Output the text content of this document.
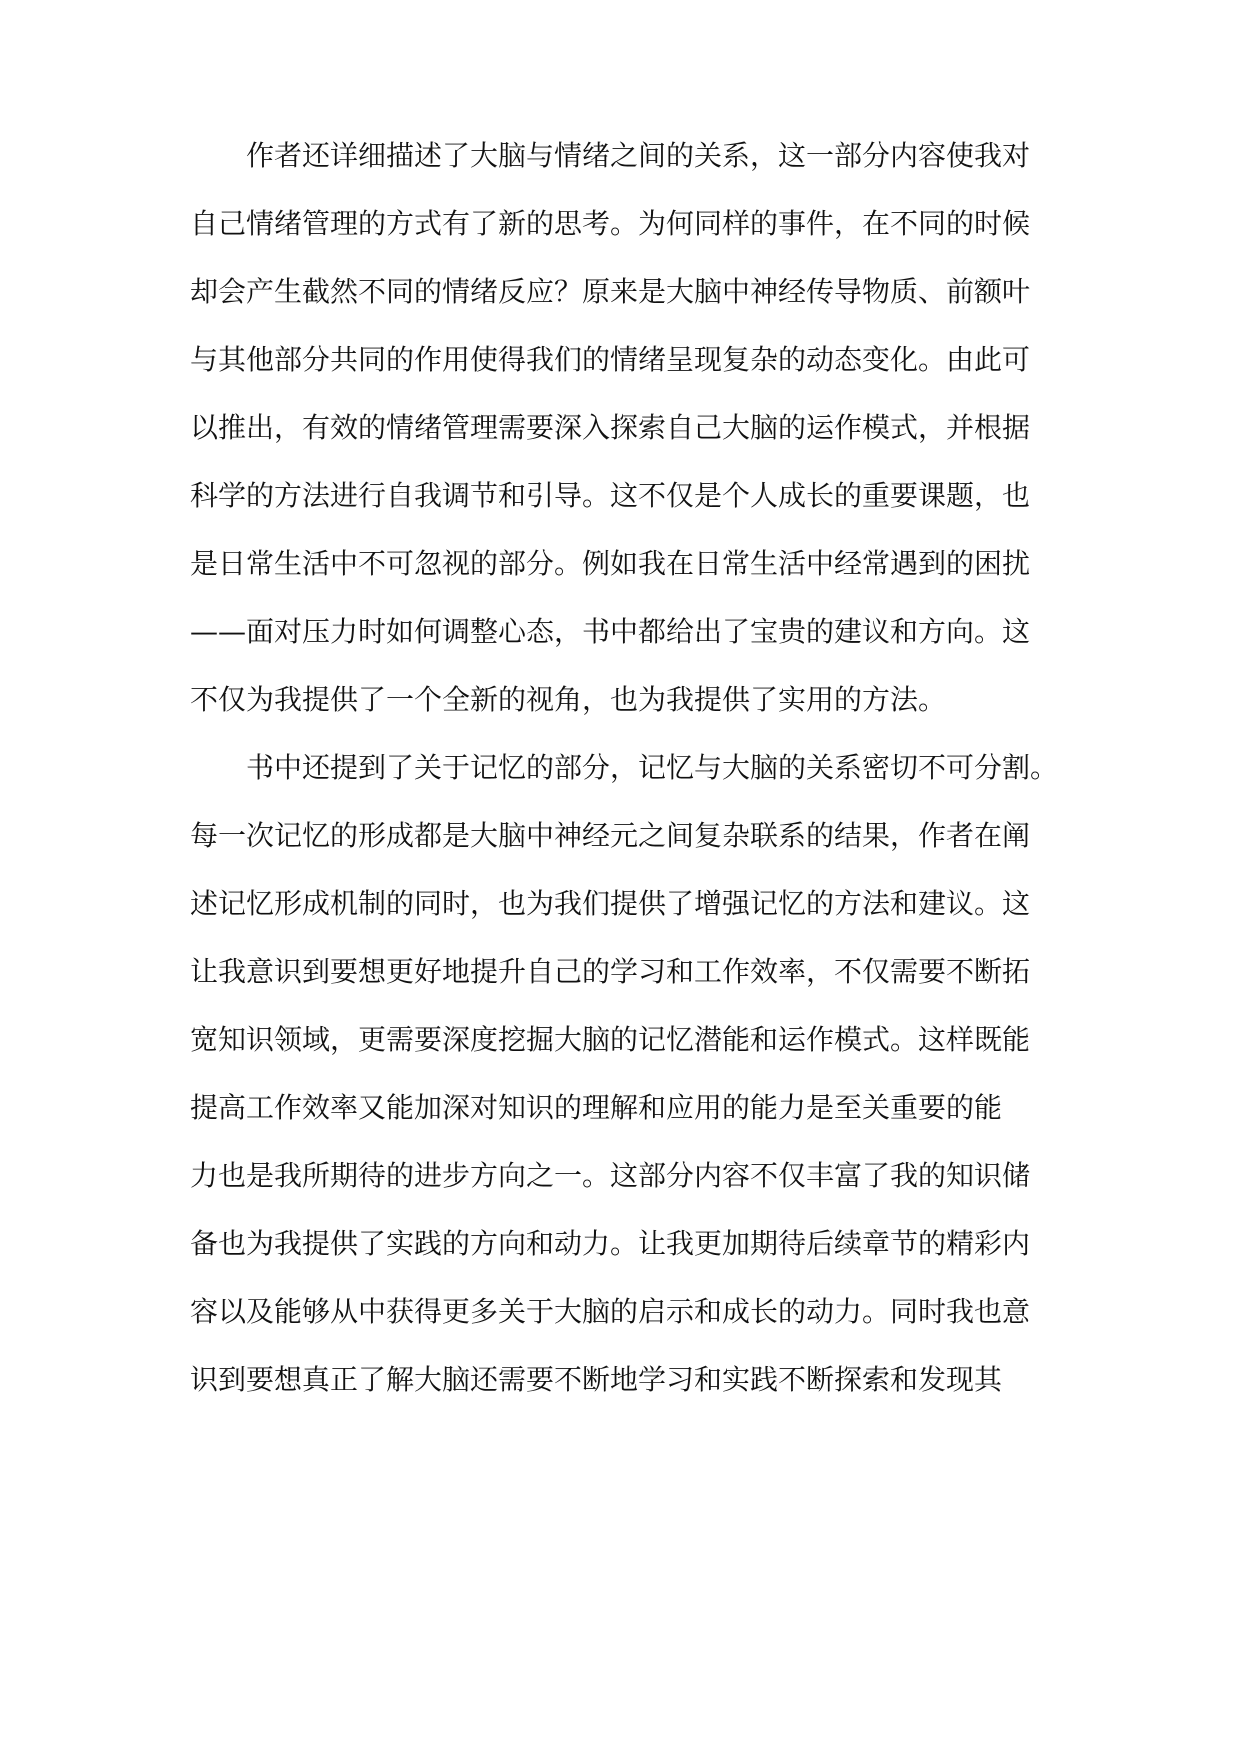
作者还详细描述了大脑与情绪之间的关系，这一部分内容使我对
自己情绪管理的方式有了新的思考。为何同样的事件，在不同的时候
却会产生截然不同的情绪反应？原来是大脑中神经传导物质、前额叶
与其他部分共同的作用使得我们的情绪呈现复杂的动态变化。由此可
以推出，有效的情绪管理需要深入探索自己大脑的运作模式，并根据
科学的方法进行自我调节和引导。这不仅是个人成长的重要课题，也
是日常生活中不可忽视的部分。例如我在日常生活中经常遇到的困扰
——面对压力时如何调整心态，书中都给出了宝贵的建议和方向。这
不仅为我提供了一个全新的视角，也为我提供了实用的方法。
书中还提到了关于记忆的部分，记忆与大脑的关系密切不可分割。
每一次记忆的形成都是大脑中神经元之间复杂联系的结果，作者在阐
述记忆形成机制的同时，也为我们提供了增强记忆的方法和建议。这
让我意识到要想更好地提升自己的学习和工作效率，不仅需要不断拓
宽知识领域，更需要深度挖掘大脑的记忆潜能和运作模式。这样既能
提高工作效率又能加深对知识的理解和应用的能力是至关重要的能
力也是我所期待的进步方向之一。这部分内容不仅丰富了我的知识储
备也为我提供了实践的方向和动力。让我更加期待后续章节的精彩内
容以及能够从中获得更多关于大脑的启示和成长的动力。同时我也意
识到要想真正了解大脑还需要不断地学习和实践不断探索和发现其
